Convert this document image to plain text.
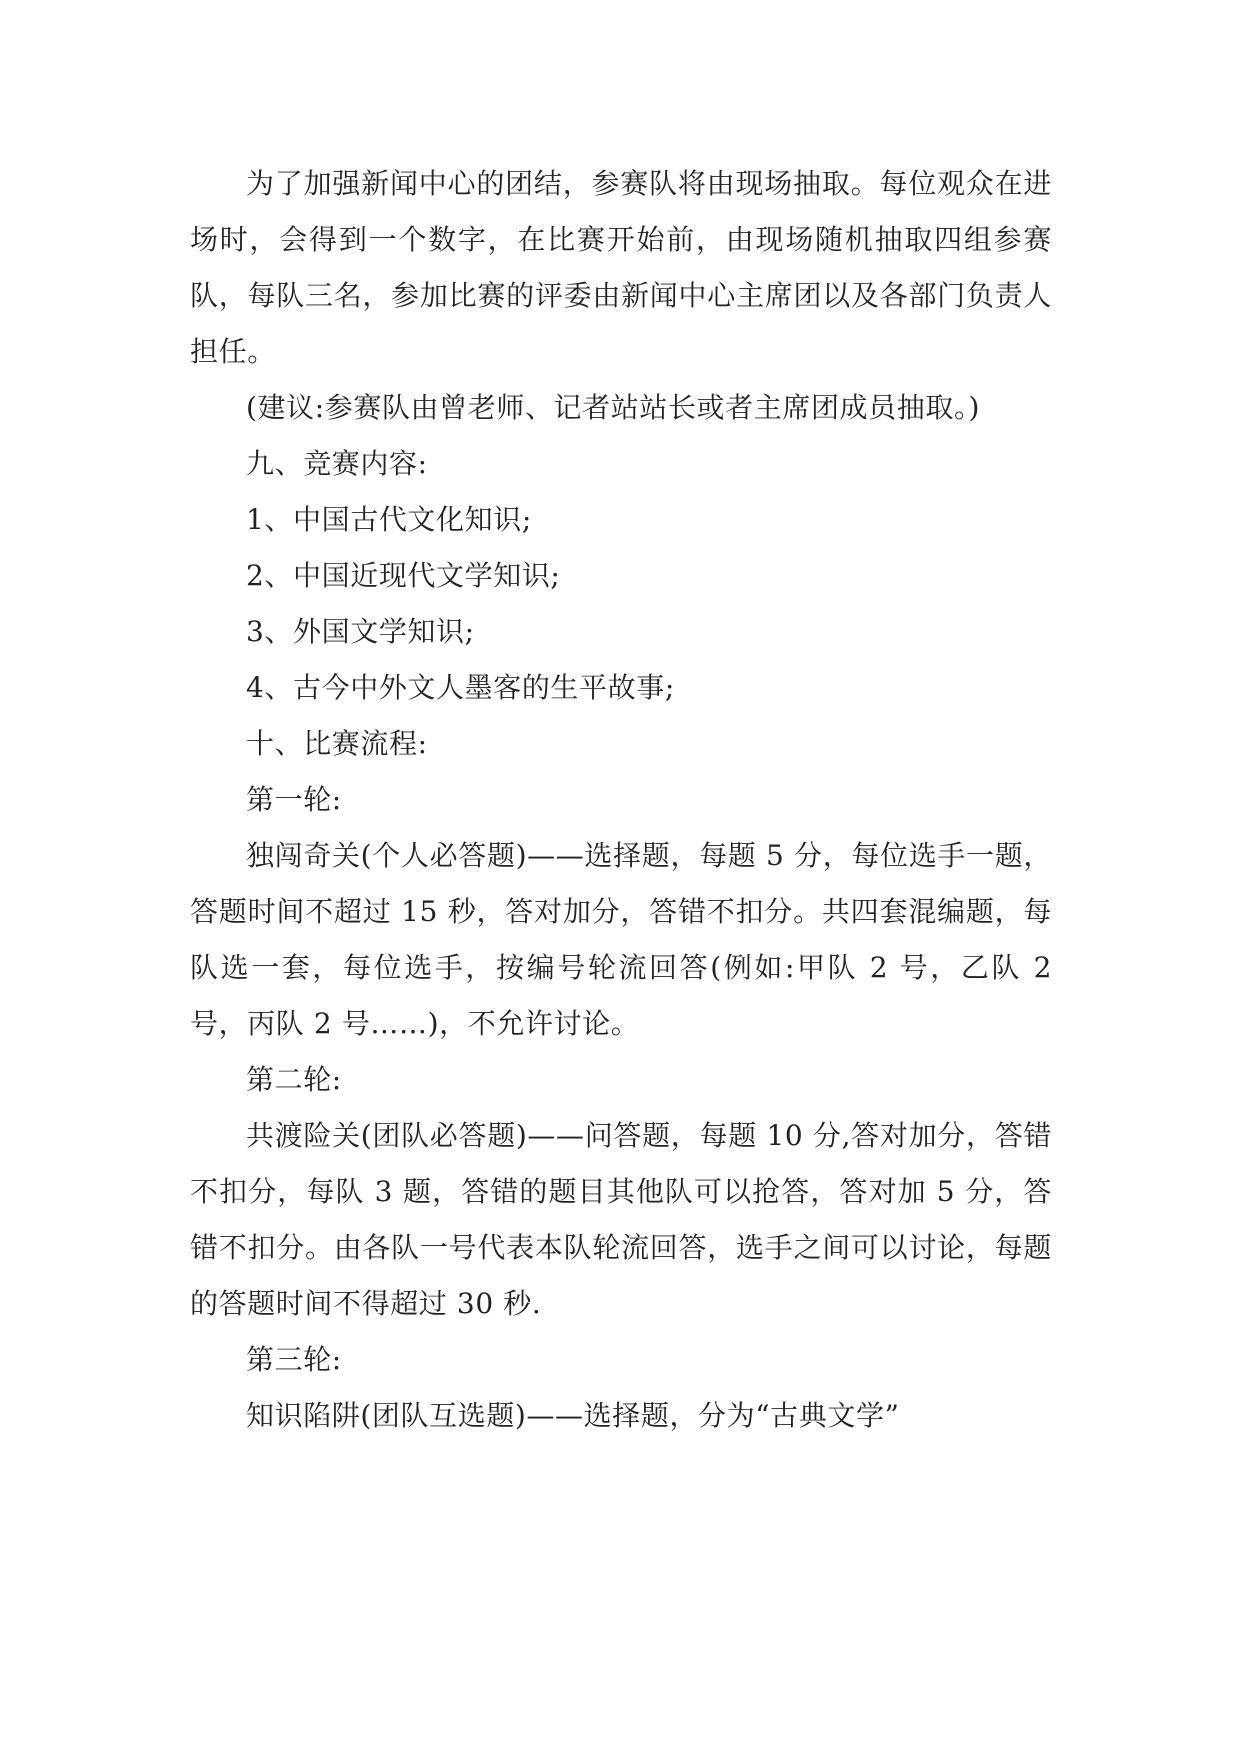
为了加强新闻中心的团结，参赛队将由现场抽取。每位观众在进场时，会得到一个数字，在比赛开始前，由现场随机抽取四组参赛队，每队三名，参加比赛的评委由新闻中心主席团以及各部门负责人担任。

(建议:参赛队由曾老师、记者站站长或者主席团成员抽取。)

九、竞赛内容:

1、中国古代文化知识;

2、中国近现代文学知识;

3、外国文学知识;

4、古今中外文人墨客的生平故事;

十、比赛流程:

第一轮:

独闯奇关(个人必答题)——选择题，每题 5 分，每位选手一题，答题时间不超过 15 秒，答对加分，答错不扣分。共四套混编题，每队选一套，每位选手，按编号轮流回答(例如:甲队 2 号，乙队 2 号，丙队 2 号……)，不允许讨论。

第二轮:

共渡险关(团队必答题)——问答题，每题 10 分,答对加分，答错不扣分，每队 3 题，答错的题目其他队可以抢答，答对加 5 分，答错不扣分。由各队一号代表本队轮流回答，选手之间可以讨论，每题的答题时间不得超过 30 秒.

第三轮:

知识陷阱(团队互选题)——选择题，分为“古典文学”
